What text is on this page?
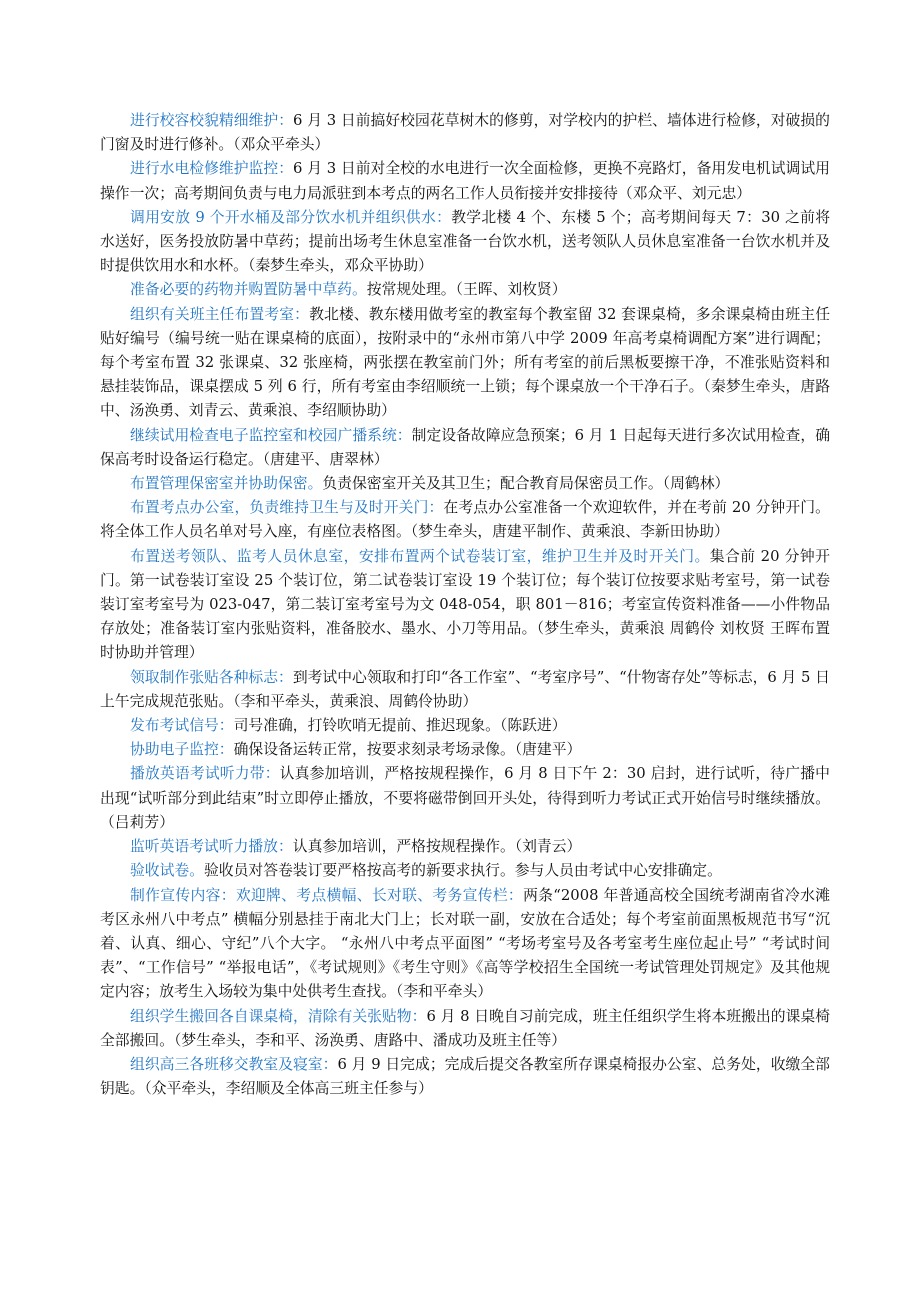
进行校容校貌精细维护：6 月 3 日前搞好校园花草树木的修剪，对学校内的护栏、墙体进行检修，对破损的门窗及时进行修补。（邓众平牵头）

进行水电检修维护监控：6 月 3 日前对全校的水电进行一次全面检修，更换不亮路灯，备用发电机试调试用操作一次；高考期间负责与电力局派驻到本考点的两名工作人员衔接并安排接待（邓众平、刘元忠）

调用安放 9 个开水桶及部分饮水机并组织供水：教学北楼 4 个、东楼 5 个；高考期间每天 7：30 之前将水送好，医务投放防暑中草药；提前出场考生休息室准备一台饮水机，送考领队人员休息室准备一台饮水机并及时提供饮用水和水杯。（秦梦生牵头，邓众平协助）

准备必要的药物并购置防暑中草药。按常规处理。（王晖、刘枚贤）

组织有关班主任布置考室：教北楼、教东楼用做考室的教室每个教室留 32 套课桌椅，多余课桌椅由班主任贴好编号（编号统一贴在课桌椅的底面），按附录中的“永州市第八中学 2009 年高考桌椅调配方案”进行调配；每个考室布置 32 张课桌、32 张座椅，两张摆在教室前门外；所有考室的前后黑板要擦干净，不准张贴资料和悬挂装饰品，课桌摆成 5 列 6 行，所有考室由李绍顺统一上锁；每个课桌放一个干净石子。（秦梦生牵头，唐路中、汤涣勇、刘青云、黄乘浪、李绍顺协助）

继续试用检查电子监控室和校园广播系统：制定设备故障应急预案；6 月 1 日起每天进行多次试用检查，确保高考时设备运行稳定。（唐建平、唐翠林）

布置管理保密室并协助保密。负责保密室开关及其卫生；配合教育局保密员工作。（周鹤林）

布置考点办公室，负责维持卫生与及时开关门：在考点办公室准备一个欢迎软件，并在考前 20 分钟开门。将全体工作人员名单对号入座，有座位表格图。（梦生牵头，唐建平制作、黄乘浪、李新田协助）

布置送考领队、监考人员休息室，安排布置两个试卷装订室，维护卫生并及时开关门。集合前 20 分钟开门。第一试卷装订室设 25 个装订位，第二试卷装订室设 19 个装订位；每个装订位按要求贴考室号，第一试卷装订室考室号为 023-047，第二装订室考室号为文 048-054，职 801－816；考室宣传资料准备——小件物品存放处；准备装订室内张贴资料，准备胶水、墨水、小刀等用品。（梦生牵头，黄乘浪 周鹤伶 刘枚贤 王晖布置时协助并管理）

领取制作张贴各种标志：到考试中心领取和打印“各工作室”、“考室序号”、“什物寄存处”等标志，6 月 5 日上午完成规范张贴。（李和平牵头，黄乘浪、周鹤伶协助）

发布考试信号：司号准确，打铃吹哨无提前、推迟现象。（陈跃进）

协助电子监控：确保设备运转正常，按要求刻录考场录像。（唐建平）

播放英语考试听力带：认真参加培训，严格按规程操作，6 月 8 日下午 2：30 启封，进行试听，待广播中出现“试听部分到此结束”时立即停止播放，不要将磁带倒回开头处，待得到听力考试正式开始信号时继续播放。（吕莉芳）

监听英语考试听力播放：认真参加培训，严格按规程操作。（刘青云）

验收试卷。验收员对答卷装订要严格按高考的新要求执行。参与人员由考试中心安排确定。

制作宣传内容：欢迎牌、考点横幅、长对联、考务宣传栏：两条“2008 年普通高校全国统考湖南省冷水滩考区永州八中考点” 横幅分别悬挂于南北大门上；长对联一副，安放在合适处；每个考室前面黑板规范书写“沉着、认真、细心、守纪”八个大字。 “永州八中考点平面图” “考场考室号及各考室考生座位起止号” “考试时间表”、“工作信号” “举报电话”，《考试规则》《考生守则》《高等学校招生全国统一考试管理处罚规定》及其他规定内容；放考生入场较为集中处供考生查找。（李和平牵头）

组织学生搬回各自课桌椅，清除有关张贴物：6 月 8 日晚自习前完成，班主任组织学生将本班搬出的课桌椅全部搬回。（梦生牵头，李和平、汤涣勇、唐路中、潘成功及班主任等）

组织高三各班移交教室及寝室：6 月 9 日完成；完成后提交各教室所存课桌椅报办公室、总务处，收缴全部钥匙。（众平牵头，李绍顺及全体高三班主任参与）
